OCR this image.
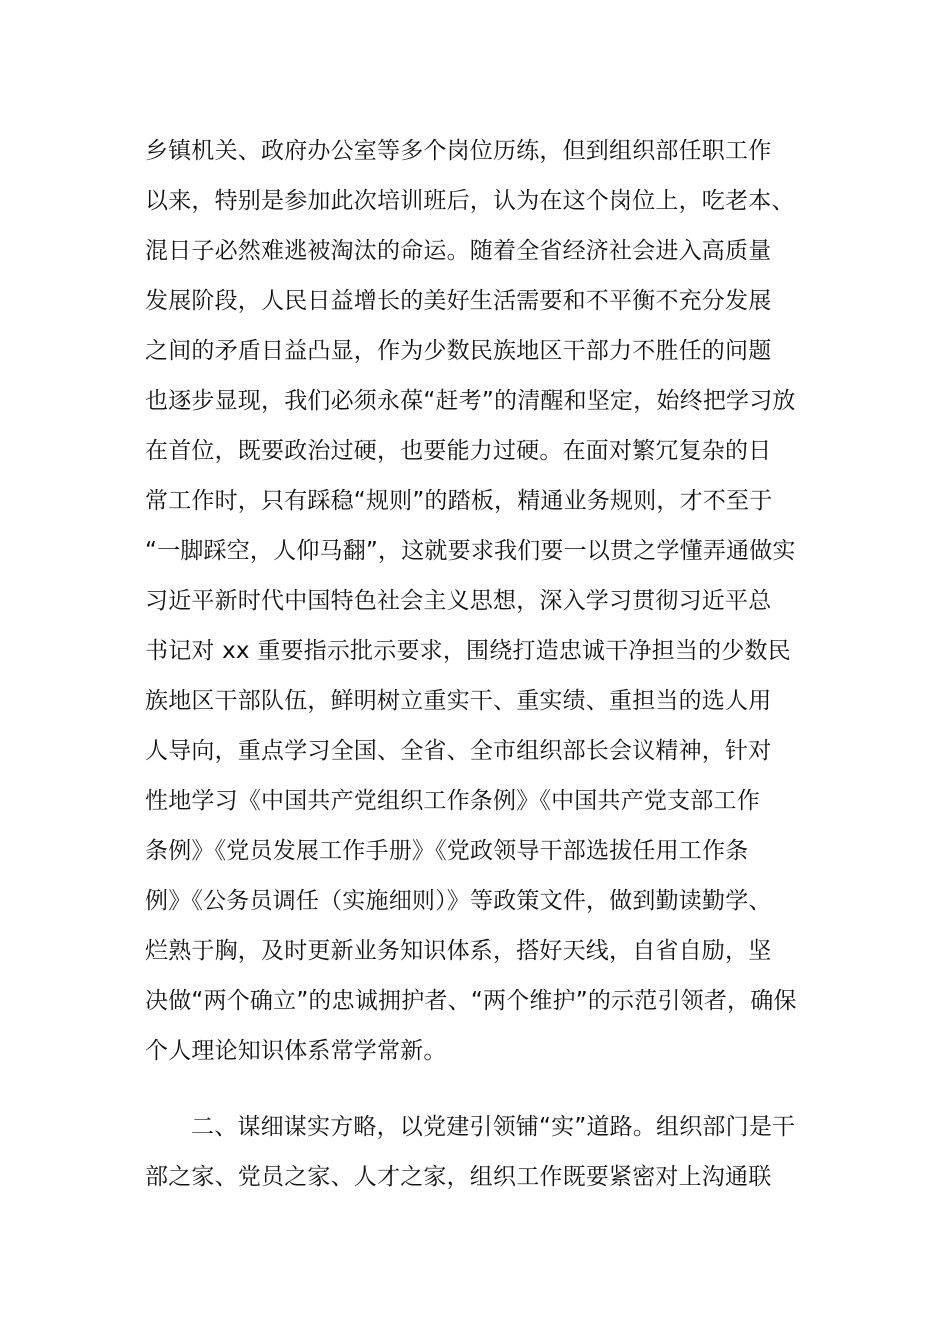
乡镇机关、政府办公室等多个岗位历练，但到组织部任职工作
以来，特别是参加此次培训班后，认为在这个岗位上，吃老本、
混日子必然难逃被淘汰的命运。随着全省经济社会进入高质量
发展阶段，人民日益增长的美好生活需要和不平衡不充分发展
之间的矛盾日益凸显，作为少数民族地区干部力不胜任的问题
也逐步显现，我们必须永葆“赶考”的清醒和坚定，始终把学习放
在首位，既要政治过硬，也要能力过硬。在面对繁冗复杂的日
常工作时，只有踩稳“规则”的踏板，精通业务规则，才不至于
“一脚踩空，人仰马翻”，这就要求我们要一以贯之学懂弄通做实
习近平新时代中国特色社会主义思想，深入学习贯彻习近平总
书记对 xx 重要指示批示要求，围绕打造忠诚干净担当的少数民
族地区干部队伍，鲜明树立重实干、重实绩、重担当的选人用
人导向，重点学习全国、全省、全市组织部长会议精神，针对
性地学习《中国共产党组织工作条例》《中国共产党支部工作
条例》《党员发展工作手册》《党政领导干部选拔任用工作条
例》《公务员调任（实施细则）》等政策文件，做到勤读勤学、
烂熟于胸，及时更新业务知识体系，搭好天线，自省自励，坚
决做“两个确立”的忠诚拥护者、“两个维护”的示范引领者，确保
个人理论知识体系常学常新。
二、谋细谋实方略，以党建引领铺“实”道路。组织部门是干
部之家、党员之家、人才之家，组织工作既要紧密对上沟通联
